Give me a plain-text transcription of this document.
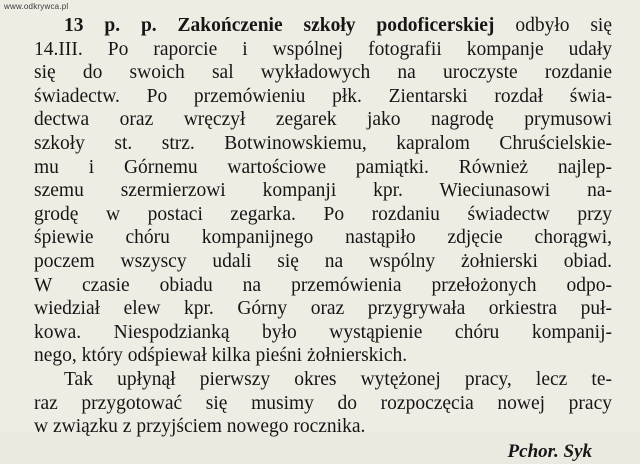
www.odkrywca.pl
13 p. p. Zakończenie szkoły podoficerskiej odbyło się
14.III. Po raporcie i wspólnej fotografii kompanje udały
się do swoich sal wykładowych na uroczyste rozdanie
świadectw. Po przemówieniu płk. Zientarski rozdał świa-
dectwa oraz wręczył zegarek jako nagrodę prymusowi
szkoły st. strz. Botwinowskiemu, kapralom Chruścielskie-
mu i Górnemu wartościowe pamiątki. Również najlep-
szemu szermierzowi kompanji kpr. Wieciunasowi na-
grodę w postaci zegarka. Po rozdaniu świadectw przy
śpiewie chóru kompanijnego nastąpiło zdjęcie chorągwi,
poczem wszyscy udali się na wspólny żołnierski obiad.
W czasie obiadu na przemówienia przełożonych odpo-
wiedział elew kpr. Górny oraz przygrywała orkiestra puł-
kowa. Niespodzianką było wystąpienie chóru kompanij-
nego, który odśpiewał kilka pieśni żołnierskich.
Tak upłynął pierwszy okres wytężonej pracy, lecz te-
raz przygotować się musimy do rozpoczęcia nowej pracy
w związku z przyjściem nowego rocznika.
Pchor. Syk
